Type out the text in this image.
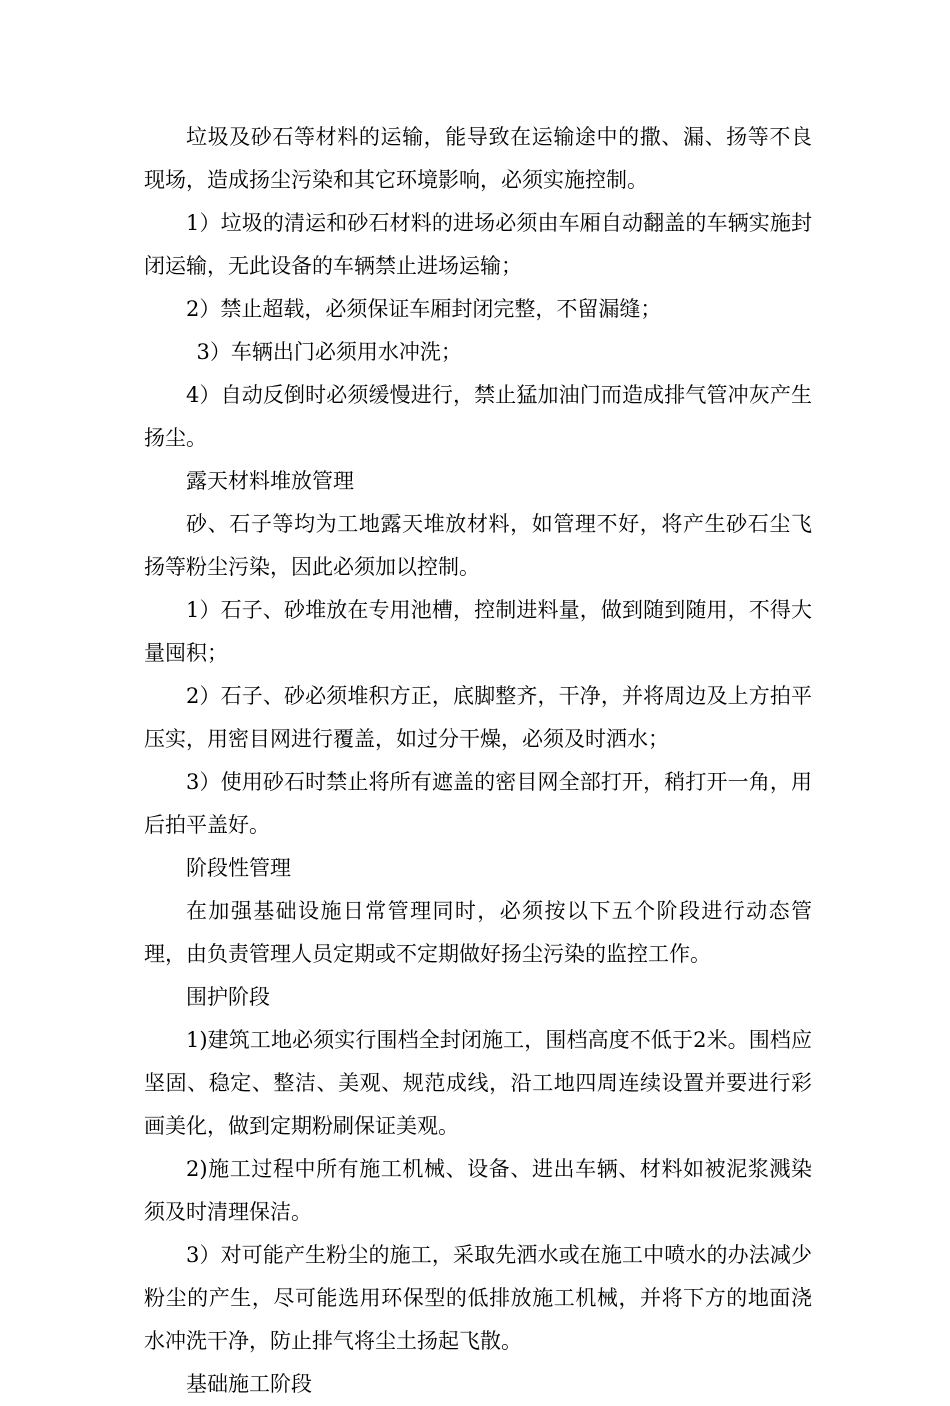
垃圾及砂石等材料的运输，能导致在运输途中的撒、漏、扬等不良现场，造成扬尘污染和其它环境影响，必须实施控制。

1）垃圾的清运和砂石材料的进场必须由车厢自动翻盖的车辆实施封闭运输，无此设备的车辆禁止进场运输；

2）禁止超载，必须保证车厢封闭完整，不留漏缝；

3）车辆出门必须用水冲洗；

4）自动反倒时必须缓慢进行，禁止猛加油门而造成排气管冲灰产生扬尘。

露天材料堆放管理

砂、石子等均为工地露天堆放材料，如管理不好，将产生砂石尘飞扬等粉尘污染，因此必须加以控制。

1）石子、砂堆放在专用池槽，控制进料量，做到随到随用，不得大量囤积；

2）石子、砂必须堆积方正，底脚整齐，干净，并将周边及上方拍平压实，用密目网进行覆盖，如过分干燥，必须及时洒水；

3）使用砂石时禁止将所有遮盖的密目网全部打开，稍打开一角，用后拍平盖好。

阶段性管理

在加强基础设施日常管理同时，必须按以下五个阶段进行动态管理，由负责管理人员定期或不定期做好扬尘污染的监控工作。

围护阶段

1)建筑工地必须实行围档全封闭施工，围档高度不低于2米。围档应坚固、稳定、整洁、美观、规范成线，沿工地四周连续设置并要进行彩画美化，做到定期粉刷保证美观。

2)施工过程中所有施工机械、设备、进出车辆、材料如被泥浆溅染须及时清理保洁。

3）对可能产生粉尘的施工，采取先洒水或在施工中喷水的办法减少粉尘的产生，尽可能选用环保型的低排放施工机械，并将下方的地面浇水冲洗干净，防止排气将尘土扬起飞散。

基础施工阶段
